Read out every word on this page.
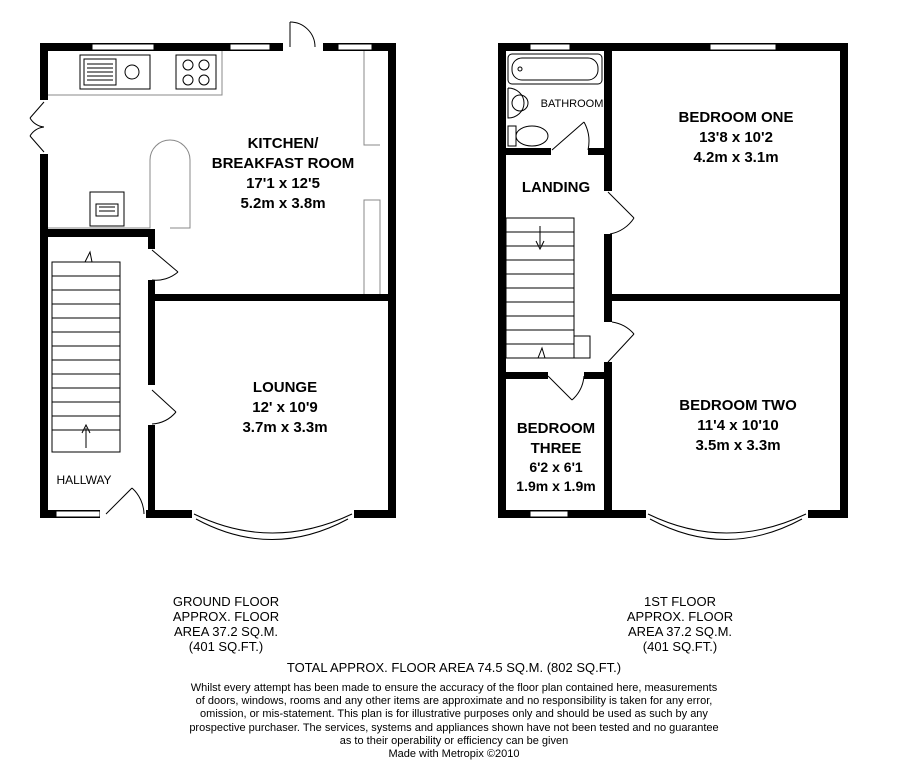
KITCHEN/
BREAKFAST ROOM
17'1 x 12'5
5.2m x 3.8m
LOUNGE
12' x 10'9
3.7m x 3.3m
HALLWAY
BATHROOM
LANDING
BEDROOM ONE
13'8 x 10'2
4.2m x 3.1m
BEDROOM TWO
11'4 x 10'10
3.5m x 3.3m
BEDROOM
THREE
6'2 x 6'1
1.9m x 1.9m
GROUND FLOOR
APPROX. FLOOR
AREA 37.2 SQ.M.
(401 SQ.FT.)
1ST FLOOR
APPROX. FLOOR
AREA 37.2 SQ.M.
(401 SQ.FT.)
TOTAL APPROX. FLOOR AREA 74.5 SQ.M. (802 SQ.FT.)
Whilst every attempt has been made to ensure the accuracy of the floor plan contained here, measurements
of doors, windows, rooms and any other items are approximate and no responsibility is taken for any error,
omission, or mis-statement. This plan is for illustrative purposes only and should be used as such by any
prospective purchaser. The services, systems and appliances shown have not been tested and no guarantee
as to their operability or efficiency can be given
Made with Metropix ©2010
